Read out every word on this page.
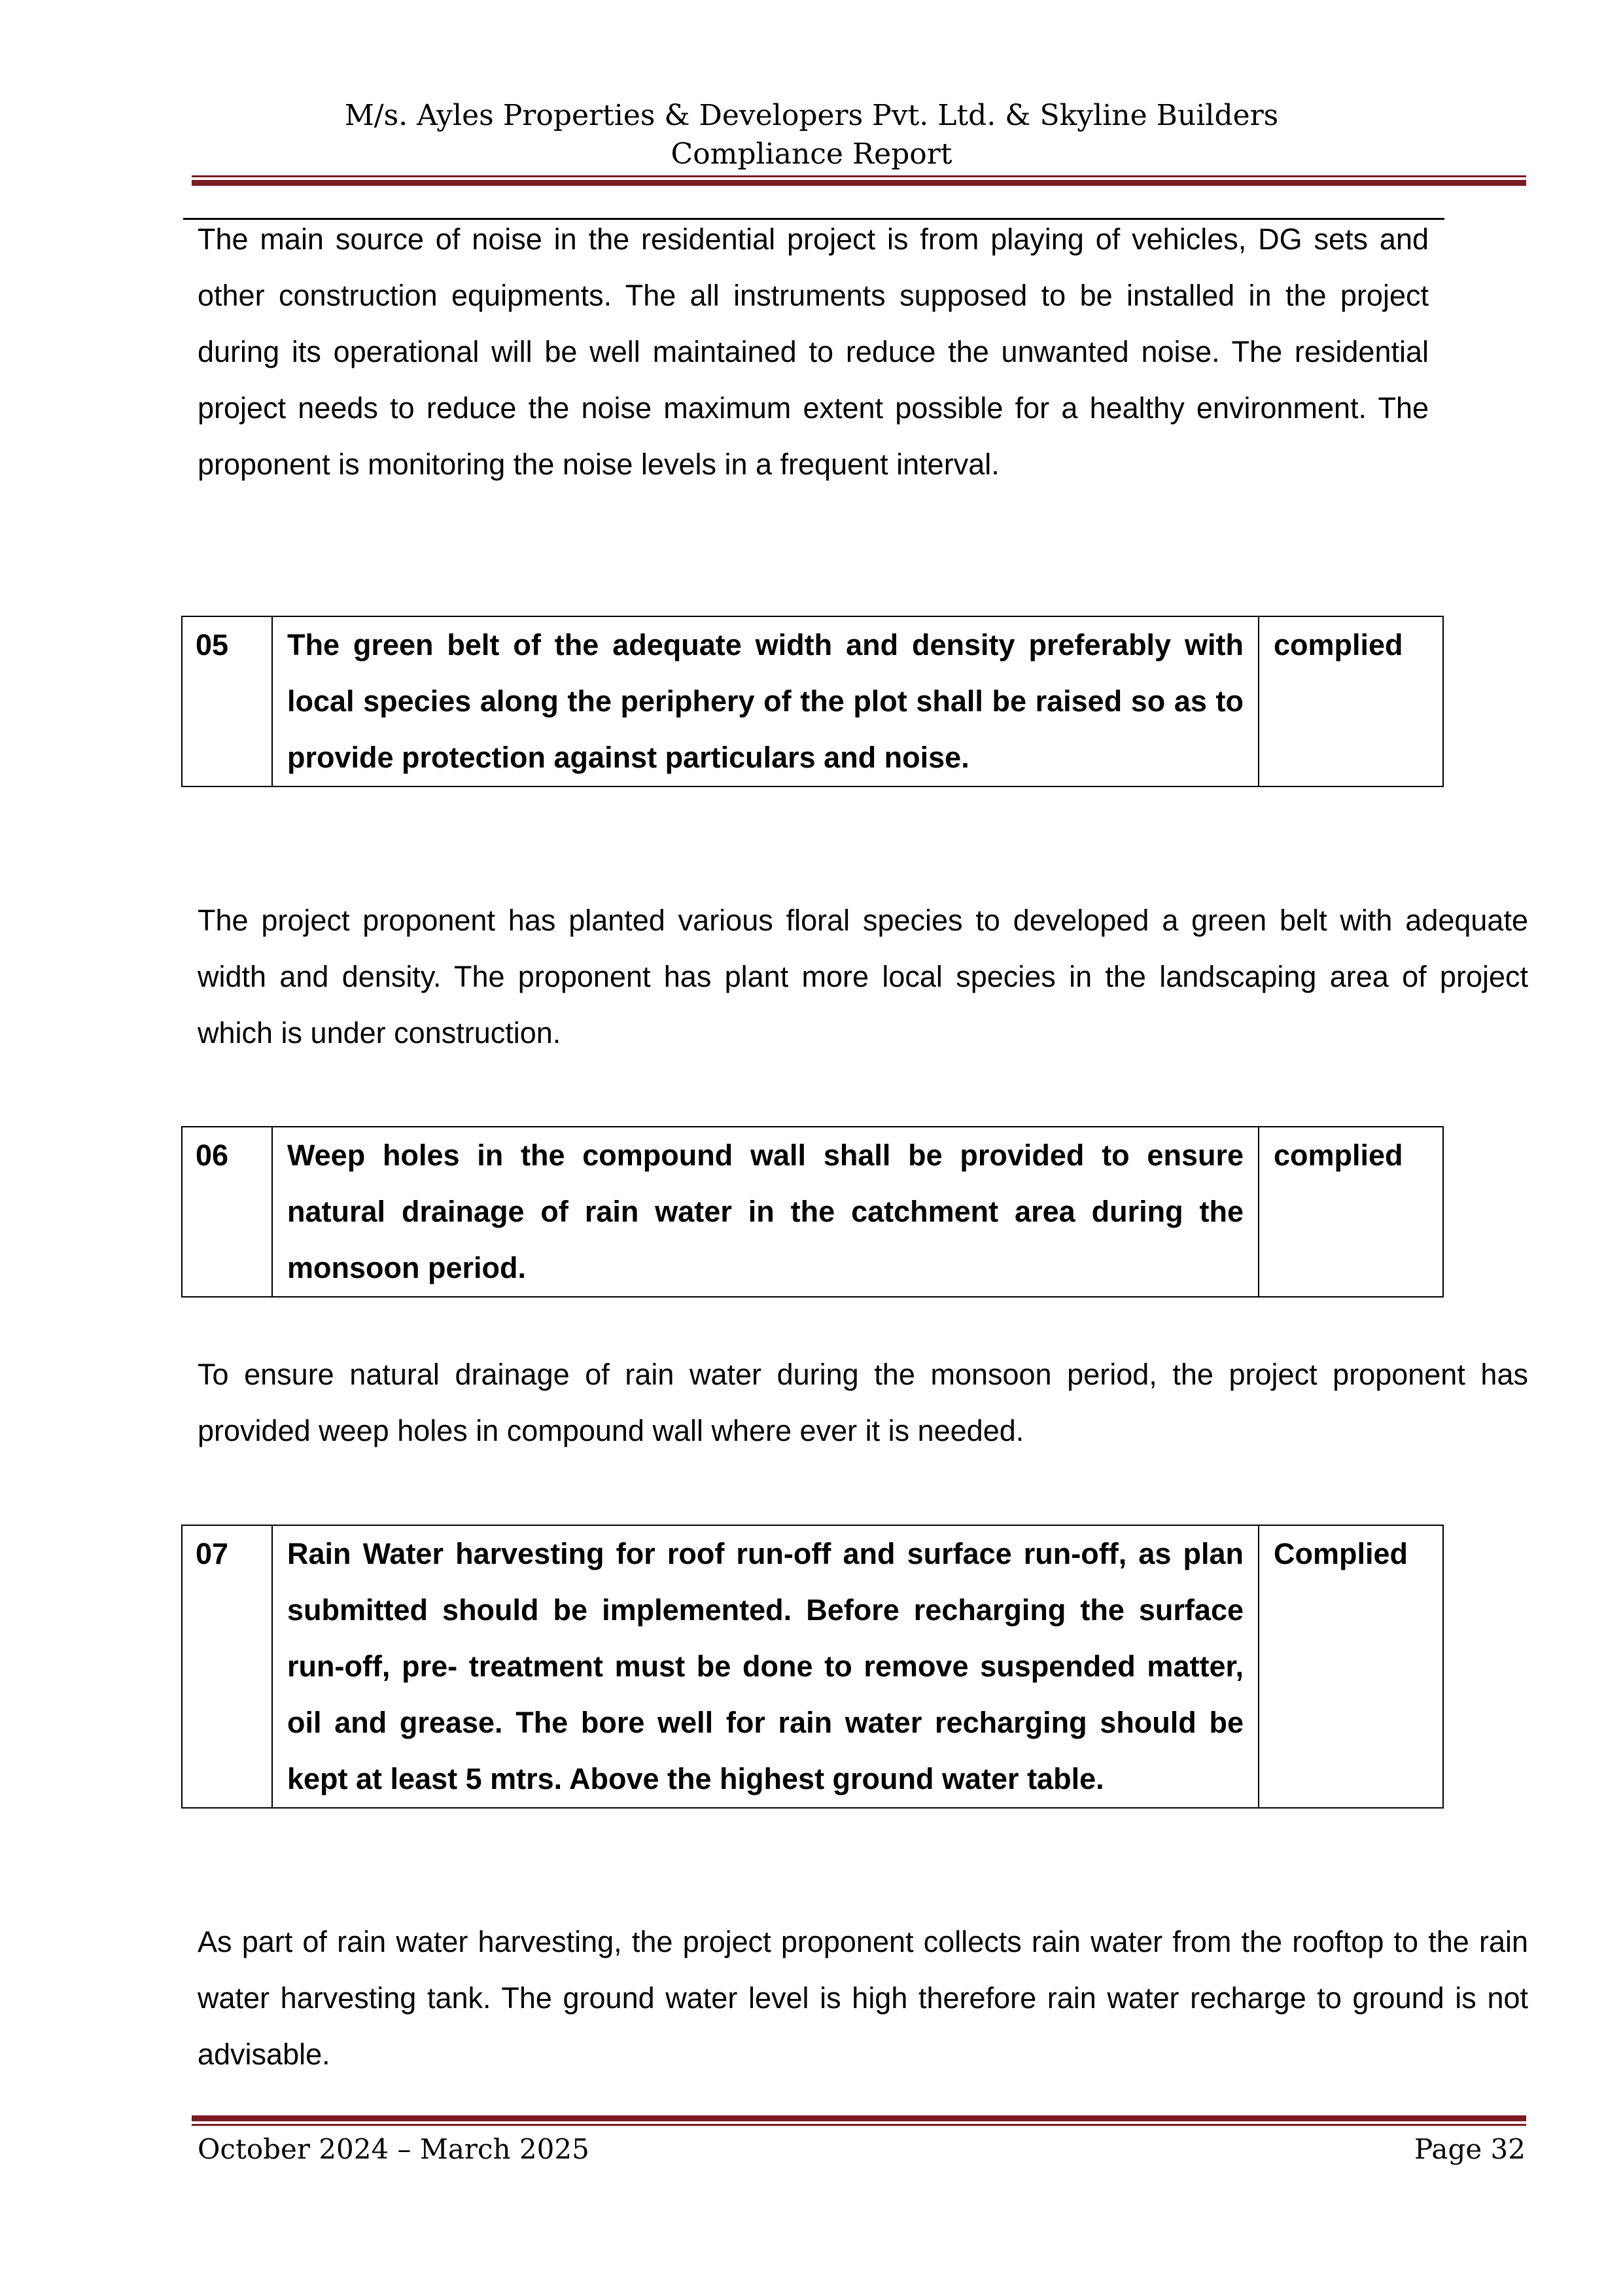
M/s. Ayles Properties & Developers Pvt. Ltd. & Skyline Builders
Compliance Report

The main source of noise in the residential project is from playing of vehicles, DG sets and other construction equipments. The all instruments supposed to be installed in the project during its operational will be well maintained to reduce the unwanted noise. The residential project needs to reduce the noise maximum extent possible for a healthy environment. The proponent is monitoring the noise levels in a frequent interval.

05	The green belt of the adequate width and density preferably with local species along the periphery of the plot shall be raised so as to provide protection against particulars and noise.	complied

The project proponent has planted various floral species to developed a green belt with adequate width and density. The proponent has plant more local species in the landscaping area of project which is under construction.

06	Weep holes in the compound wall shall be provided to ensure natural drainage of rain water in the catchment area during the monsoon period.	complied

To ensure natural drainage of rain water during the monsoon period, the project proponent has provided weep holes in compound wall where ever it is needed.

07	Rain Water harvesting for roof run-off and surface run-off, as plan submitted should be implemented. Before recharging the surface run-off, pre- treatment must be done to remove suspended matter, oil and grease. The bore well for rain water recharging should be kept at least 5 mtrs. Above the highest ground water table.	Complied

As part of rain water harvesting, the project proponent collects rain water from the rooftop to the rain water harvesting tank. The ground water level is high therefore rain water recharge to ground is not advisable.

October 2024 – March 2025	Page 32
